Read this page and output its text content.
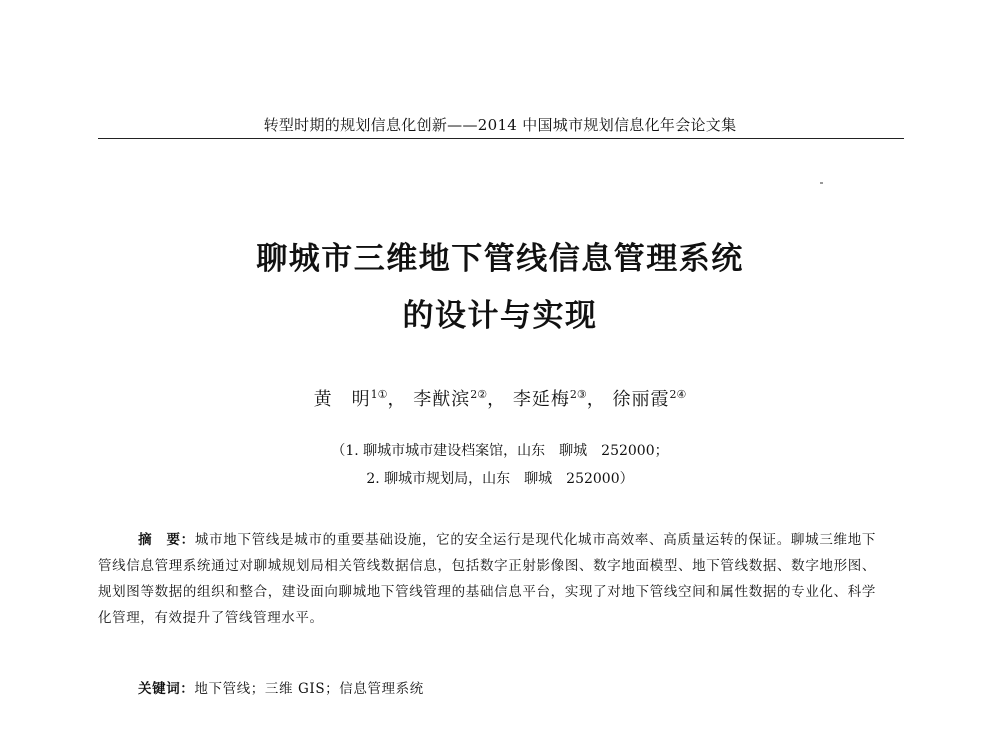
转型时期的规划信息化创新——2014 中国城市规划信息化年会论文集
聊城市三维地下管线信息管理系统
的设计与实现
黄　明$^{1①}$， 李猷滨$^{2②}$， 李延梅$^{2③}$， 徐丽霞$^{2④}$
（1. 聊城市城市建设档案馆，山东　聊城　252000；
2. 聊城市规划局，山东　聊城　252000）
摘　要：城市地下管线是城市的重要基础设施，它的安全运行是现代化城市高效率、高质量运转的保证。聊城三维地下管线信息管理系统通过对聊城规划局相关管线数据信息，包括数字正射影像图、数字地面模型、地下管线数据、数字地形图、规划图等数据的组织和整合，建设面向聊城地下管线管理的基础信息平台，实现了对地下管线空间和属性数据的专业化、科学化管理，有效提升了管线管理水平。
关键词：地下管线；三维 GIS；信息管理系统
